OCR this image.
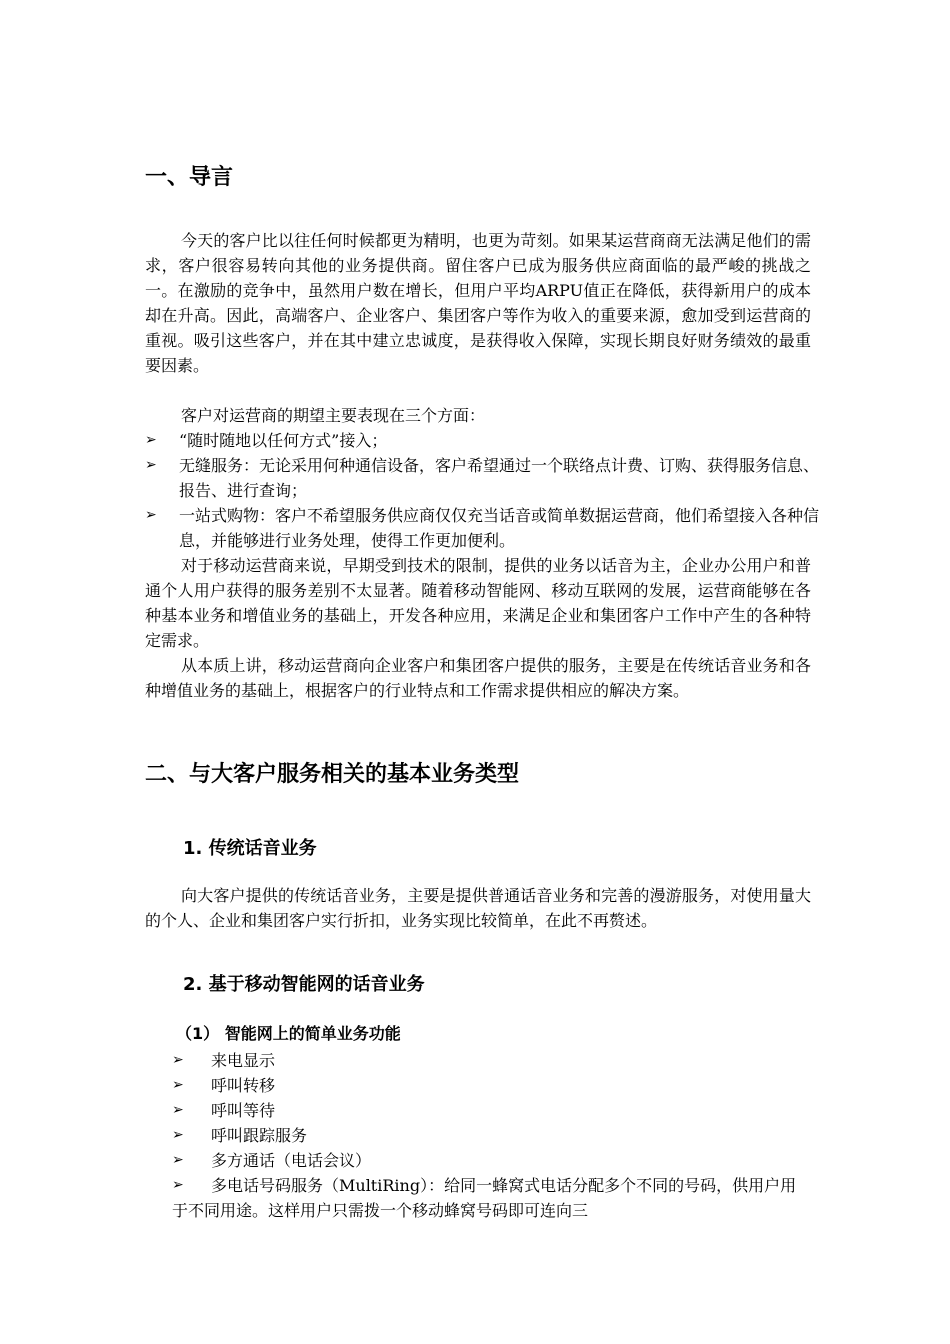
一、导言

今天的客户比以往任何时候都更为精明，也更为苛刻。如果某运营商商无法满足他们的需求，客户很容易转向其他的业务提供商。留住客户已成为服务供应商面临的最严峻的挑战之一。在激励的竞争中，虽然用户数在增长，但用户平均ARPU值正在降低，获得新用户的成本却在升高。因此，高端客户、企业客户、集团客户等作为收入的重要来源，愈加受到运营商的重视。吸引这些客户，并在其中建立忠诚度，是获得收入保障，实现长期良好财务绩效的最重要因素。

客户对运营商的期望主要表现在三个方面：

➢	“随时随地以任何方式”接入；
➢	无缝服务：无论采用何种通信设备，客户希望通过一个联络点计费、订购、获得服务信息、报告、进行查询；
➢	一站式购物：客户不希望服务供应商仅仅充当话音或简单数据运营商，他们希望接入各种信息，并能够进行业务处理，使得工作更加便利。

对于移动运营商来说，早期受到技术的限制，提供的业务以话音为主，企业办公用户和普通个人用户获得的服务差别不太显著。随着移动智能网、移动互联网的发展，运营商能够在各种基本业务和增值业务的基础上，开发各种应用，来满足企业和集团客户工作中产生的各种特定需求。

从本质上讲，移动运营商向企业客户和集团客户提供的服务，主要是在传统话音业务和各种增值业务的基础上，根据客户的行业特点和工作需求提供相应的解决方案。

二、与大客户服务相关的基本业务类型
1. 传统话音业务

向大客户提供的传统话音业务，主要是提供普通话音业务和完善的漫游服务，对使用量大的个人、企业和集团客户实行折扣，业务实现比较简单，在此不再赘述。

2. 基于移动智能网的话音业务
（1） 智能网上的简单业务功能
➢ 来电显示
➢ 呼叫转移
➢ 呼叫等待
➢ 呼叫跟踪服务
➢ 多方通话（电话会议）
➢	多电话号码服务（MultiRing）：给同一蜂窝式电话分配多个不同的号码，供用户用于不同用途。这样用户只需拨一个移动蜂窝号码即可连向三
